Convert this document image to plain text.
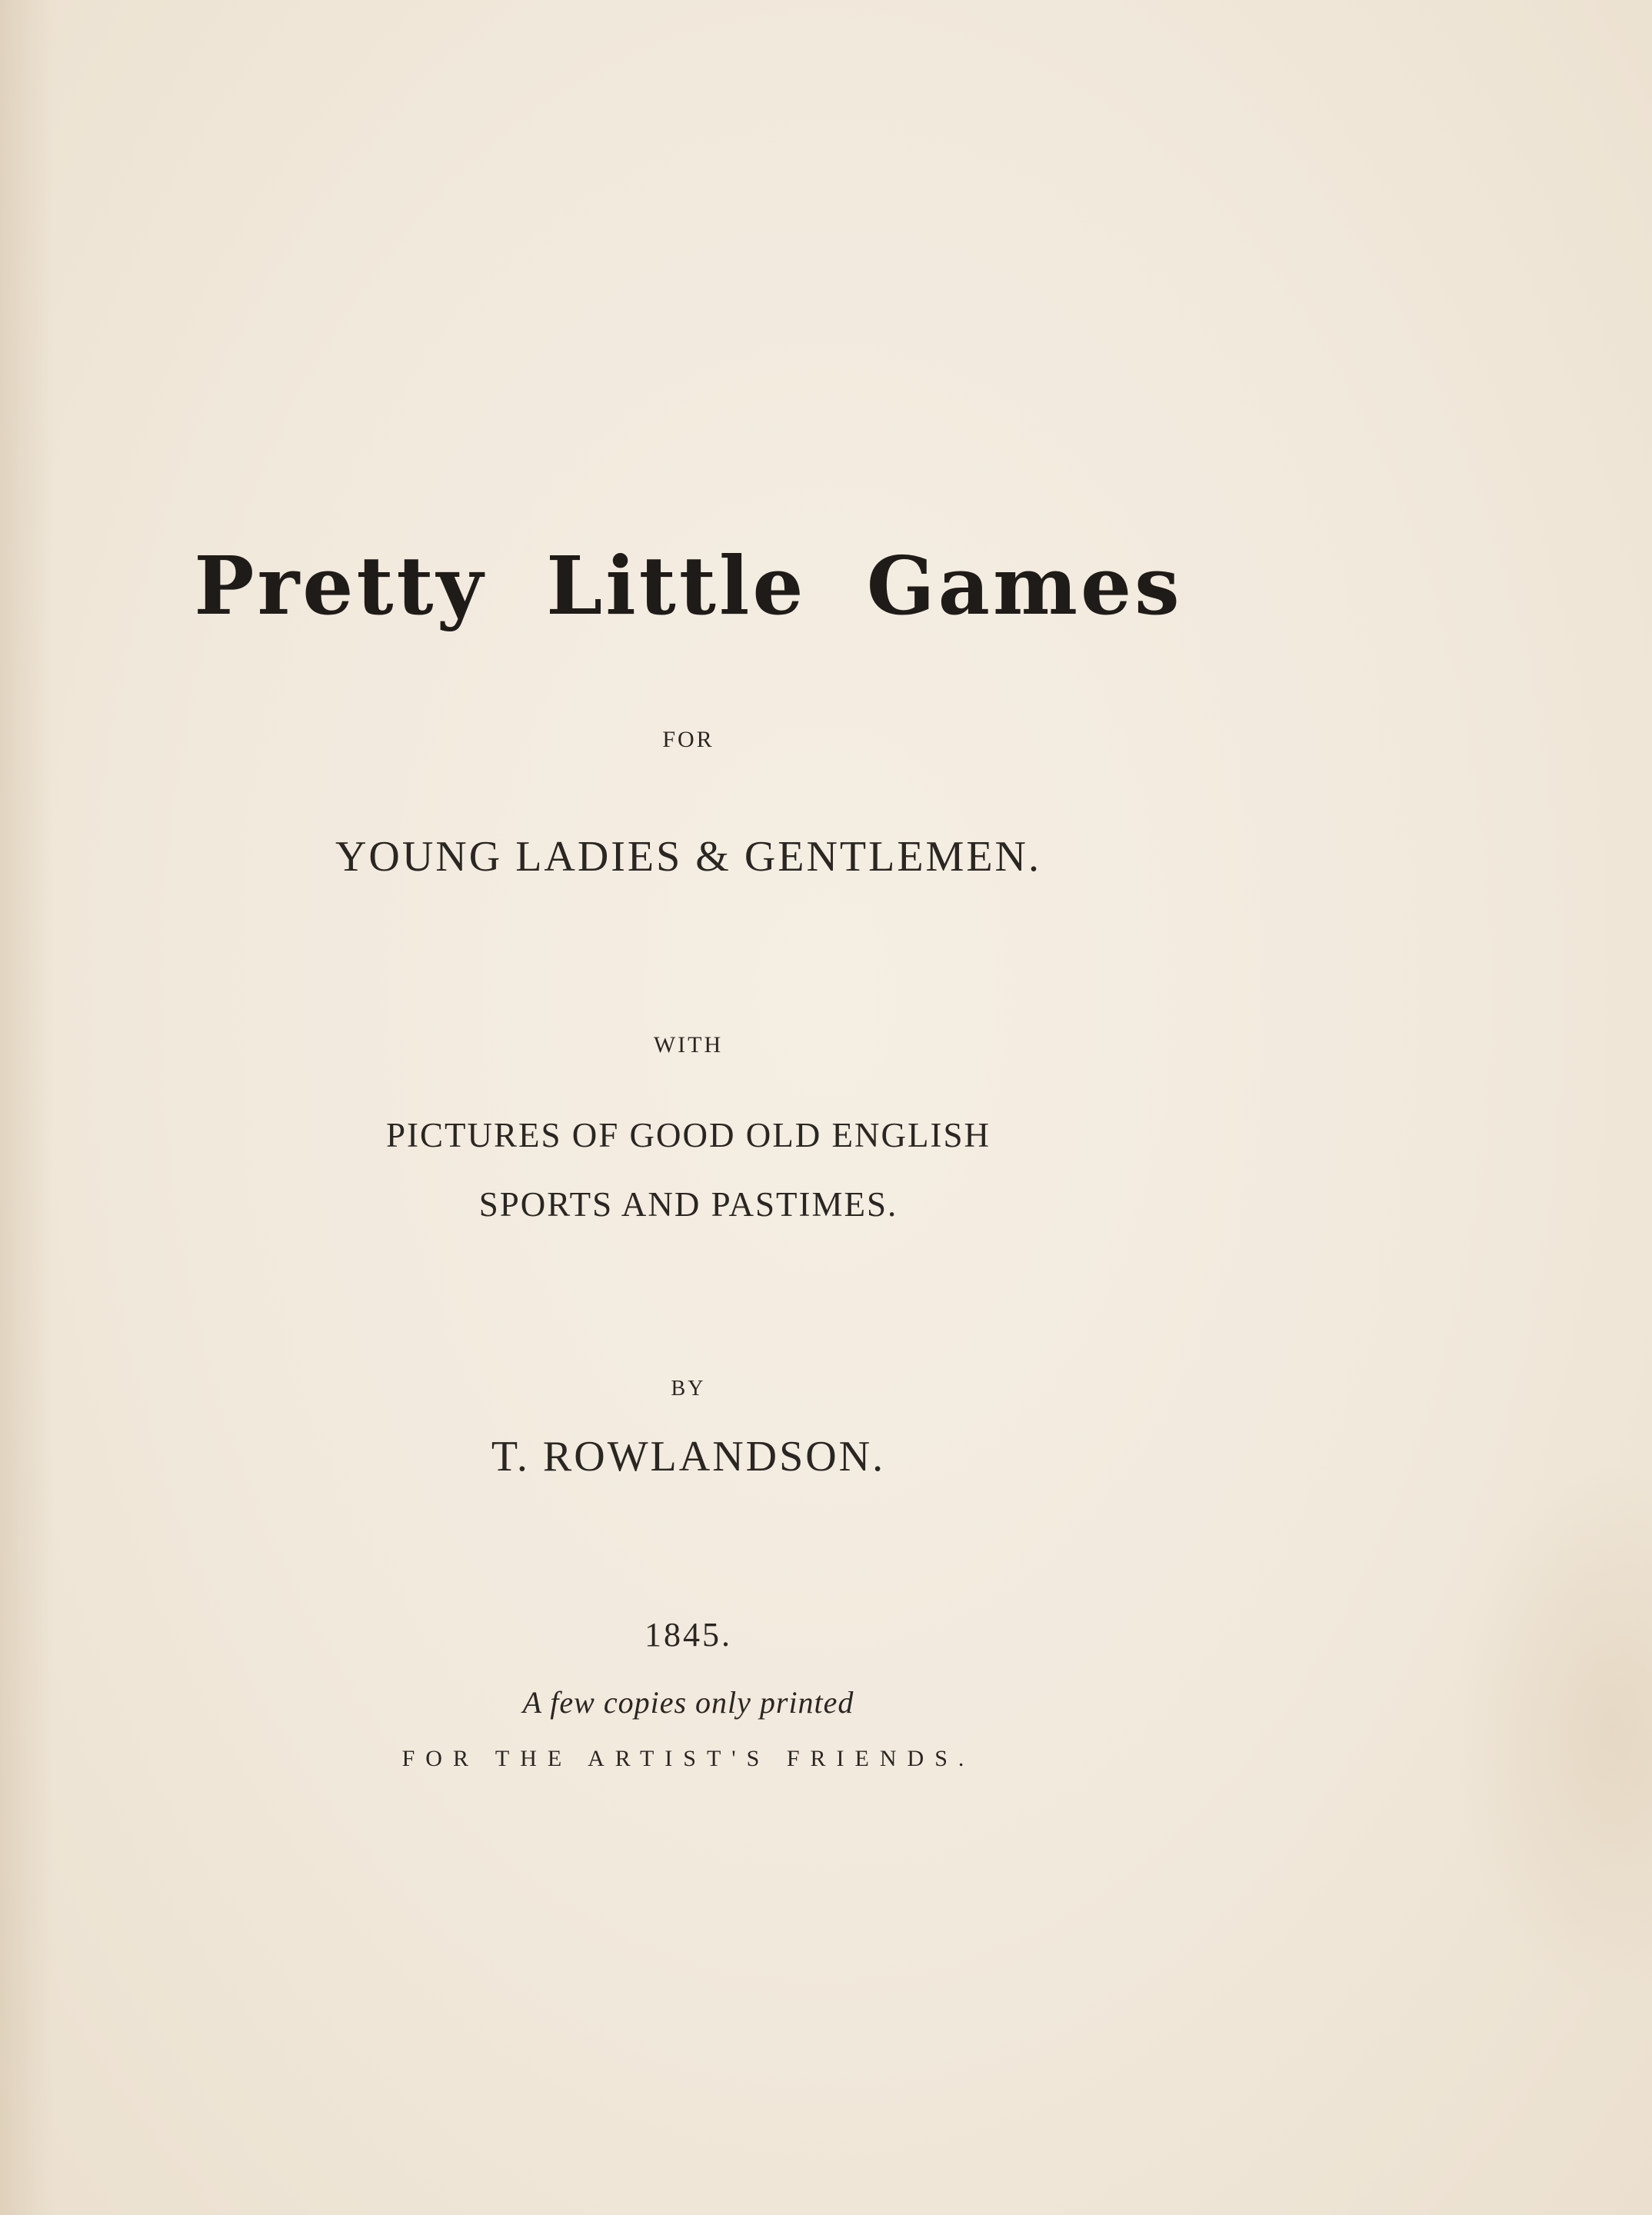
Pretty Little Games
FOR
YOUNG LADIES & GENTLEMEN.
WITH
PICTURES OF GOOD OLD ENGLISH
SPORTS AND PASTIMES.
BY
T. ROWLANDSON.
1845.
A few copies only printed
FOR THE ARTIST'S FRIENDS.
